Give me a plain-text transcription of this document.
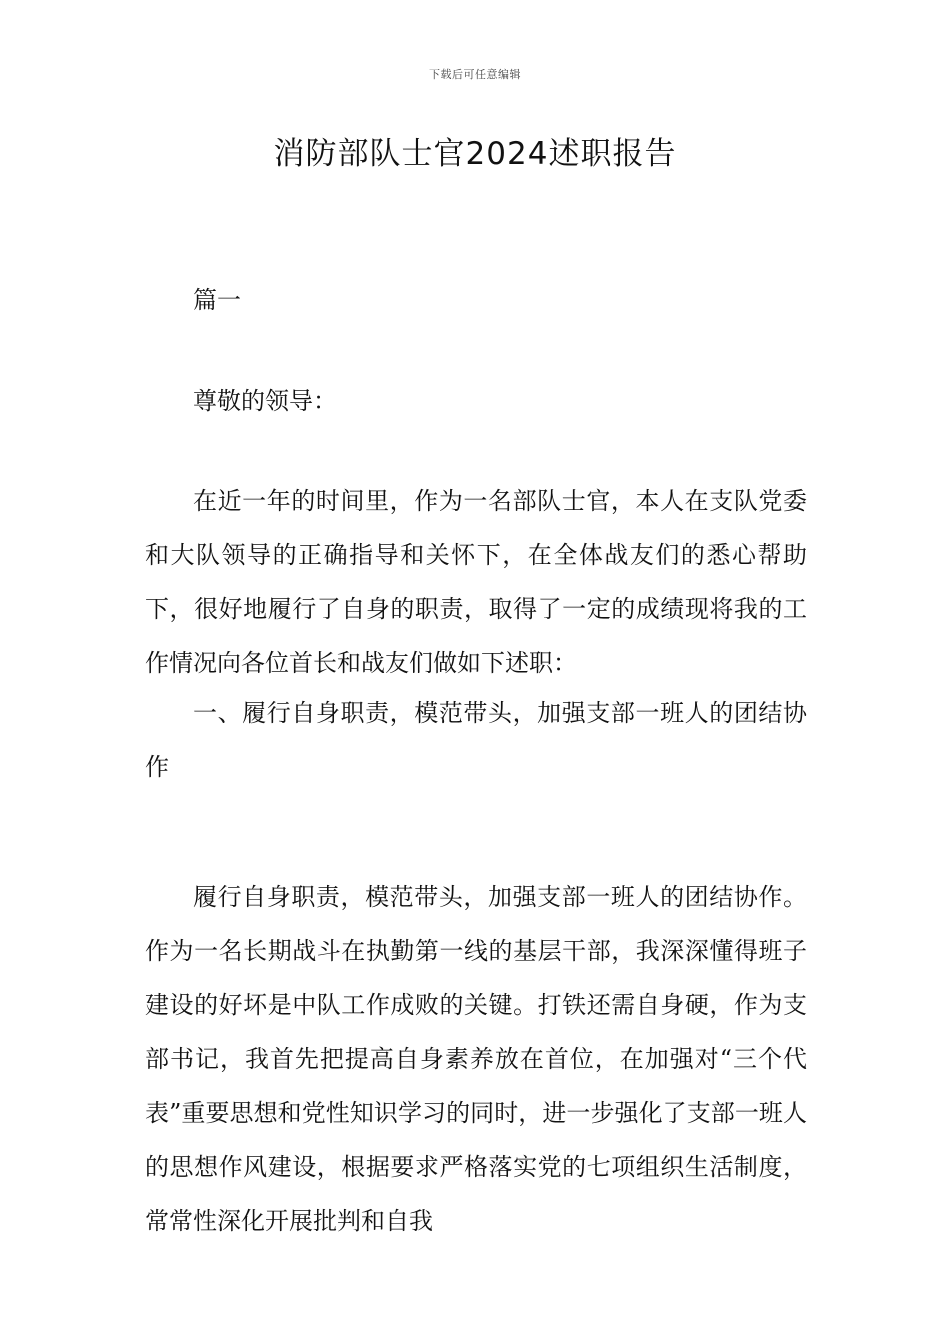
下载后可任意编辑
消防部队士官2024述职报告

篇一

尊敬的领导：

在近一年的时间里，作为一名部队士官，本人在支队党委和大队领导的正确指导和关怀下，在全体战友们的悉心帮助下，很好地履行了自身的职责，取得了一定的成绩现将我的工作情况向各位首长和战友们做如下述职：

一、履行自身职责，模范带头，加强支部一班人的团结协作

履行自身职责，模范带头，加强支部一班人的团结协作。作为一名长期战斗在执勤第一线的基层干部，我深深懂得班子建设的好坏是中队工作成败的关键。打铁还需自身硬，作为支部书记，我首先把提高自身素养放在首位，在加强对“三个代表”重要思想和党性知识学习的同时，进一步强化了支部一班人的思想作风建设，根据要求严格落实党的七项组织生活制度，常常性深化开展批判和自我
